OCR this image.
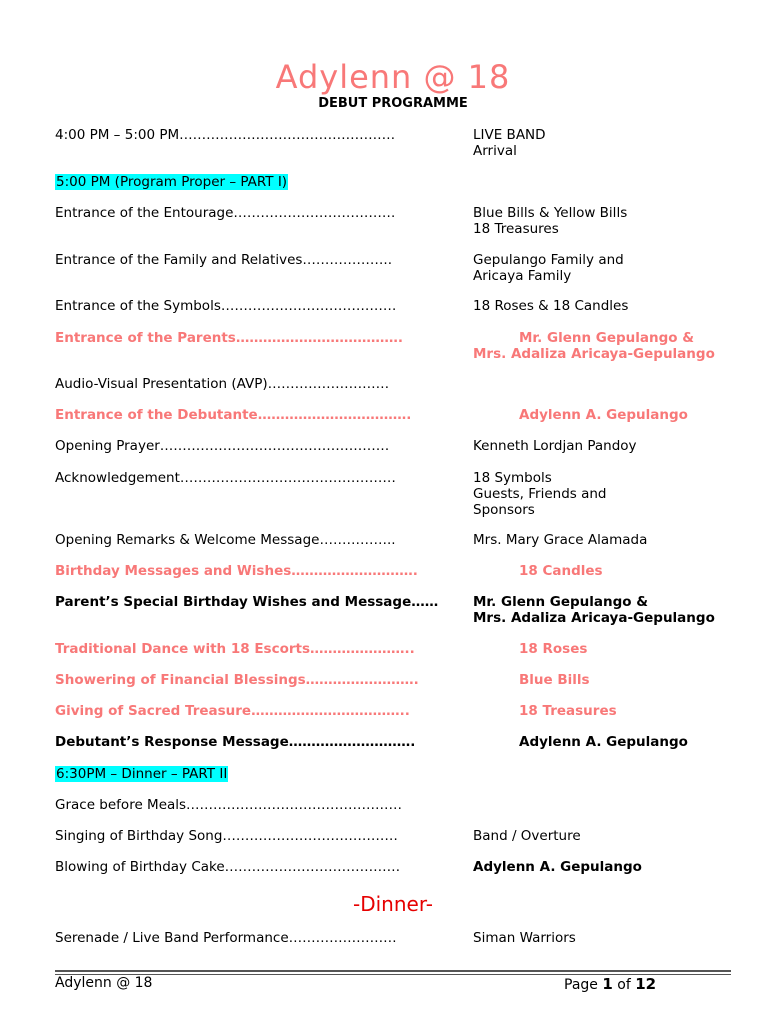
Adylenn @ 18
DEBUT PROGRAMME
4:00 PM – 5:00 PM…………………………………………	LIVE BAND
Arrival
5:00 PM (Program Proper – PART I)
Entrance of the Entourage………………………………	Blue Bills & Yellow Bills
18 Treasures
Entrance of the Family and Relatives………………..	Gepulango Family and
Aricaya Family
Entrance of the Symbols…………………………………	18 Roses & 18 Candles
Entrance of the Parents……………………………….	Mr. Glenn Gepulango &
Mrs. Adaliza Aricaya-Gepulango
Audio-Visual Presentation (AVP)………………………
Entrance of the Debutante…………………………….	Adylenn A. Gepulango
Opening Prayer……………………………………………	Kenneth Lordjan Pandoy
Acknowledgement…………………………………………	18 Symbols
Guests, Friends and
Sponsors
Opening Remarks & Welcome Message……………..	Mrs. Mary Grace Alamada
Birthday Messages and Wishes……………………….	18 Candles
Parent’s Special Birthday Wishes and Message……	Mr. Glenn Gepulango &
Mrs. Adaliza Aricaya-Gepulango
Traditional Dance with 18 Escorts…………………..	18 Roses
Showering of Financial Blessings…………………….	Blue Bills
Giving of Sacred Treasure……………………………..	18 Treasures
Debutant’s Response Message……………………….	Adylenn A. Gepulango
6:30PM – Dinner – PART II
Grace before Meals…………………………………………
Singing of Birthday Song…………………………………	Band / Overture
Blowing of Birthday Cake…………………………………	Adylenn A. Gepulango
-Dinner-
Serenade / Live Band Performance……………………	Siman Warriors
Adylenn @ 18	Page 1 of 12
